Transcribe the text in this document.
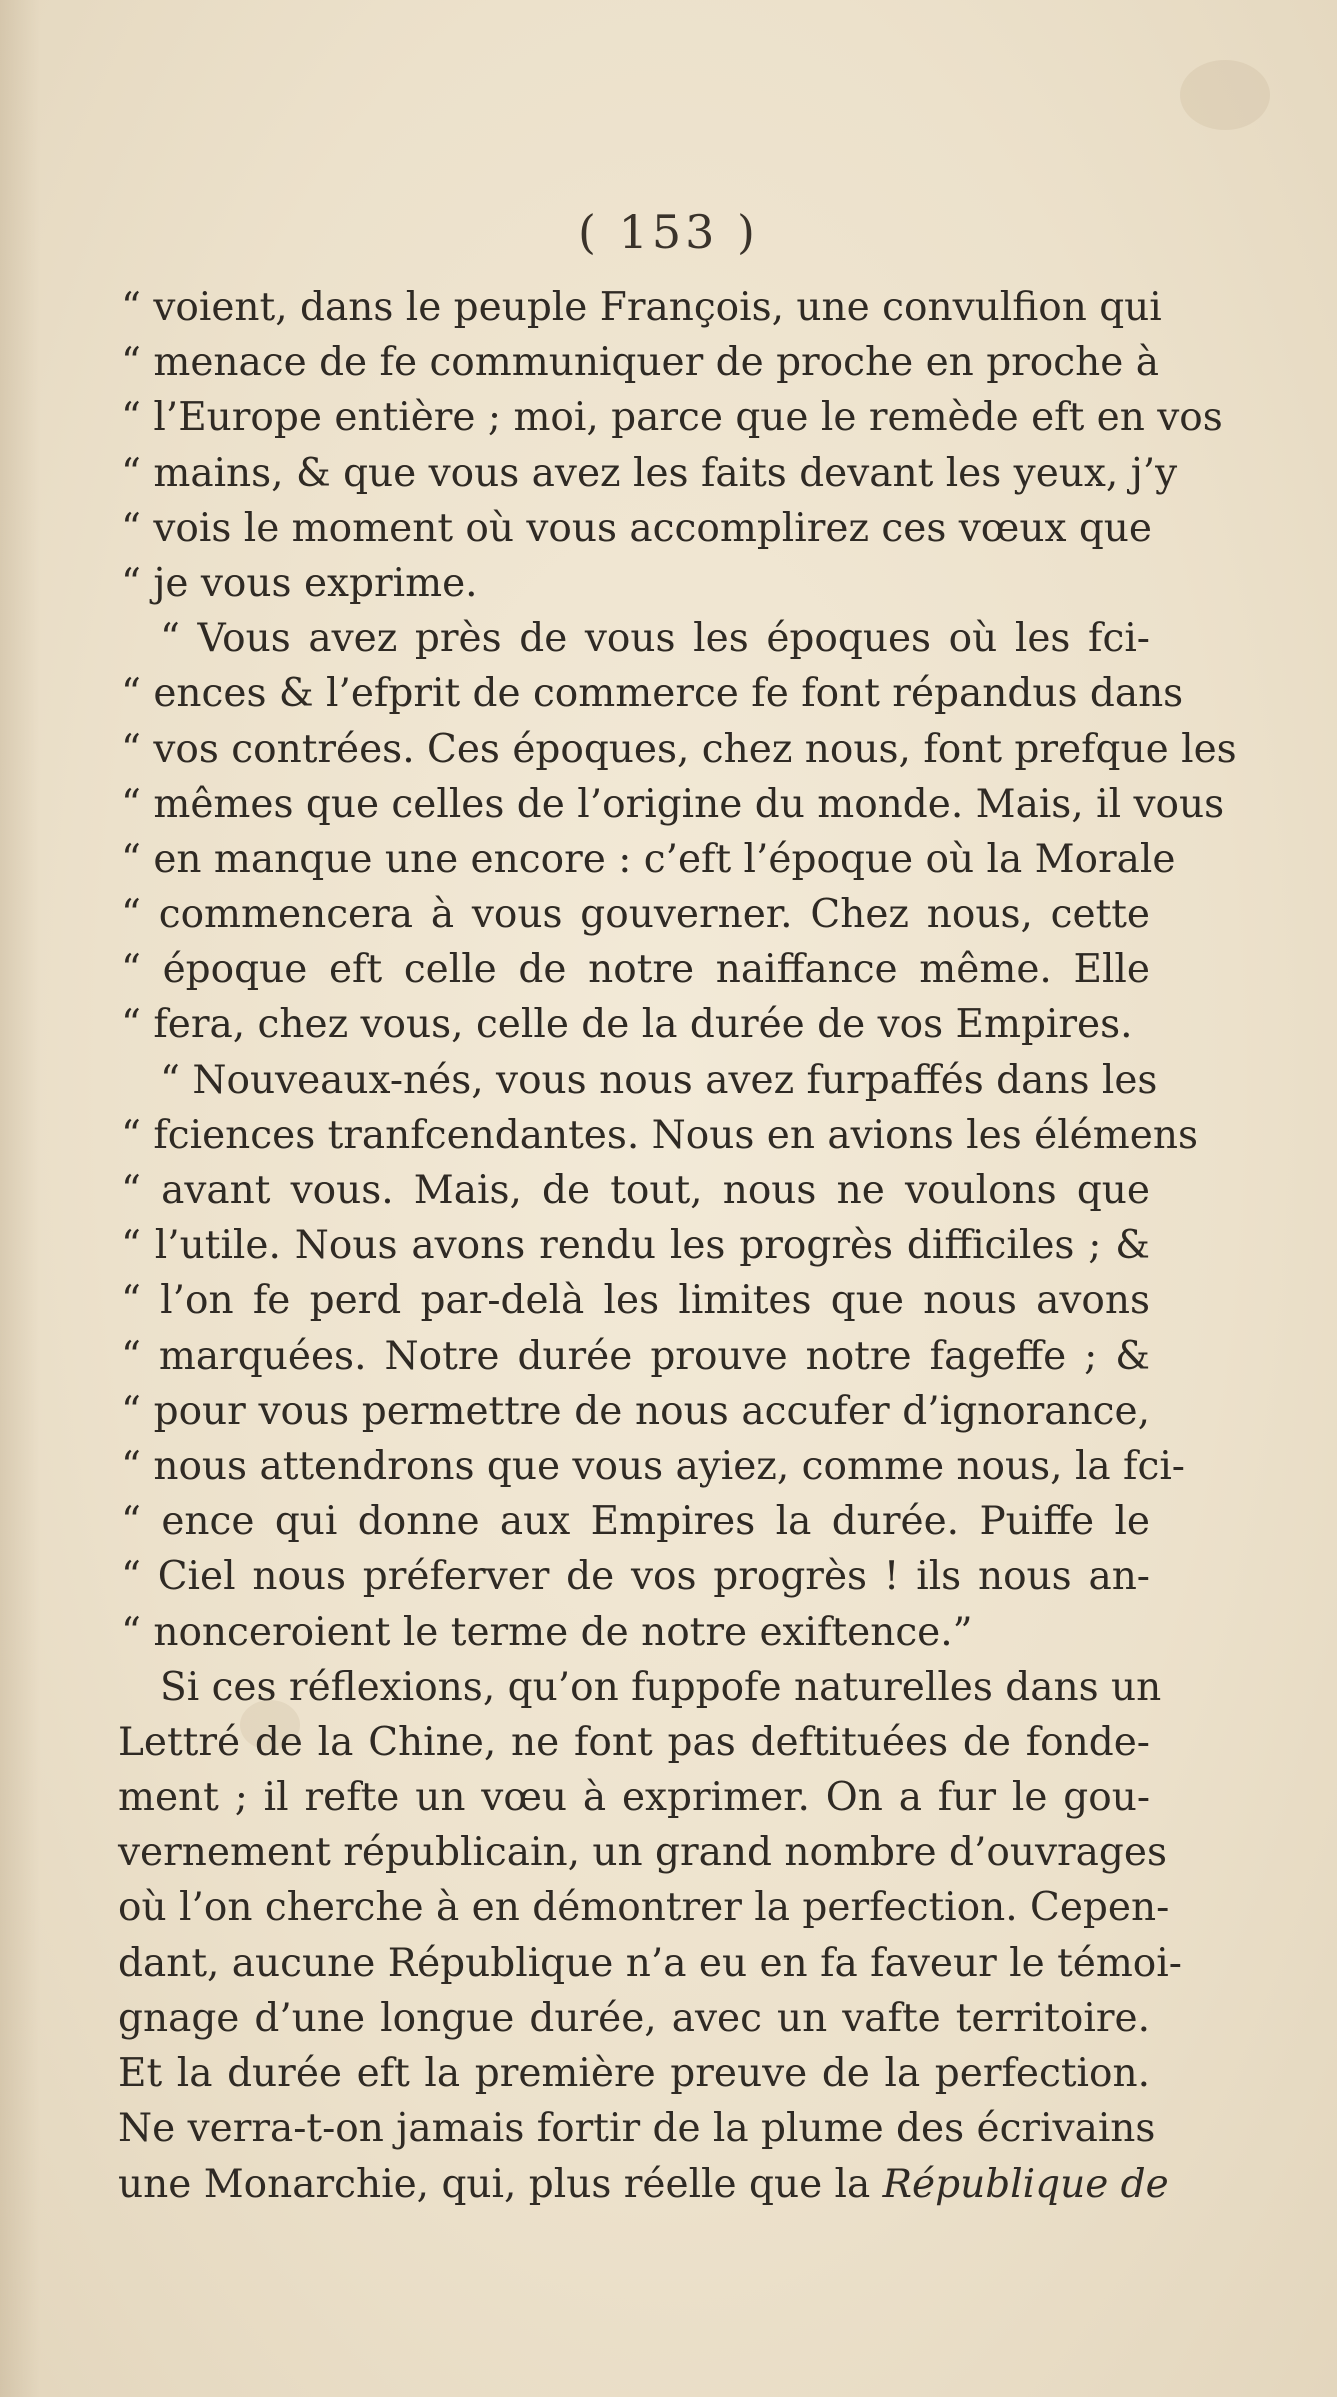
( 153 )
“ voient, dans le peuple François, une convulfion qui
“ menace de fe communiquer de proche en proche à
“ l’Europe entière ; moi, parce que le remède eft en vos
“ mains, & que vous avez les faits devant les yeux, j’y
“ vois le moment où vous accomplirez ces vœux que
“ je vous exprime.
“ Vous avez près de vous les époques où les fci-
“ ences & l’efprit de commerce fe font répandus dans
“ vos contrées. Ces époques, chez nous, font prefque les
“ mêmes que celles de l’origine du monde. Mais, il vous
“ en manque une encore : c’eft l’époque où la Morale
“ commencera à vous gouverner. Chez nous, cette
“ époque eft celle de notre naiffance même. Elle
“ fera, chez vous, celle de la durée de vos Empires.
“ Nouveaux-nés, vous nous avez furpaffés dans les
“ fciences tranfcendantes. Nous en avions les élémens
“ avant vous. Mais, de tout, nous ne voulons que
“ l’utile. Nous avons rendu les progrès difficiles ; &
“ l’on fe perd par-delà les limites que nous avons
“ marquées. Notre durée prouve notre fageffe ; &
“ pour vous permettre de nous accufer d’ignorance,
“ nous attendrons que vous ayiez, comme nous, la fci-
“ ence qui donne aux Empires la durée. Puiffe le
“ Ciel nous préferver de vos progrès ! ils nous an-
“ nonceroient le terme de notre exiftence.”
Si ces réflexions, qu’on fuppofe naturelles dans un
Lettré de la Chine, ne font pas deftituées de fonde-
ment ; il refte un vœu à exprimer. On a fur le gou-
vernement républicain, un grand nombre d’ouvrages
où l’on cherche à en démontrer la perfection. Cepen-
dant, aucune République n’a eu en fa faveur le témoi-
gnage d’une longue durée, avec un vafte territoire.
Et la durée eft la première preuve de la perfection.
Ne verra-t-on jamais fortir de la plume des écrivains
une Monarchie, qui, plus réelle que la République de
